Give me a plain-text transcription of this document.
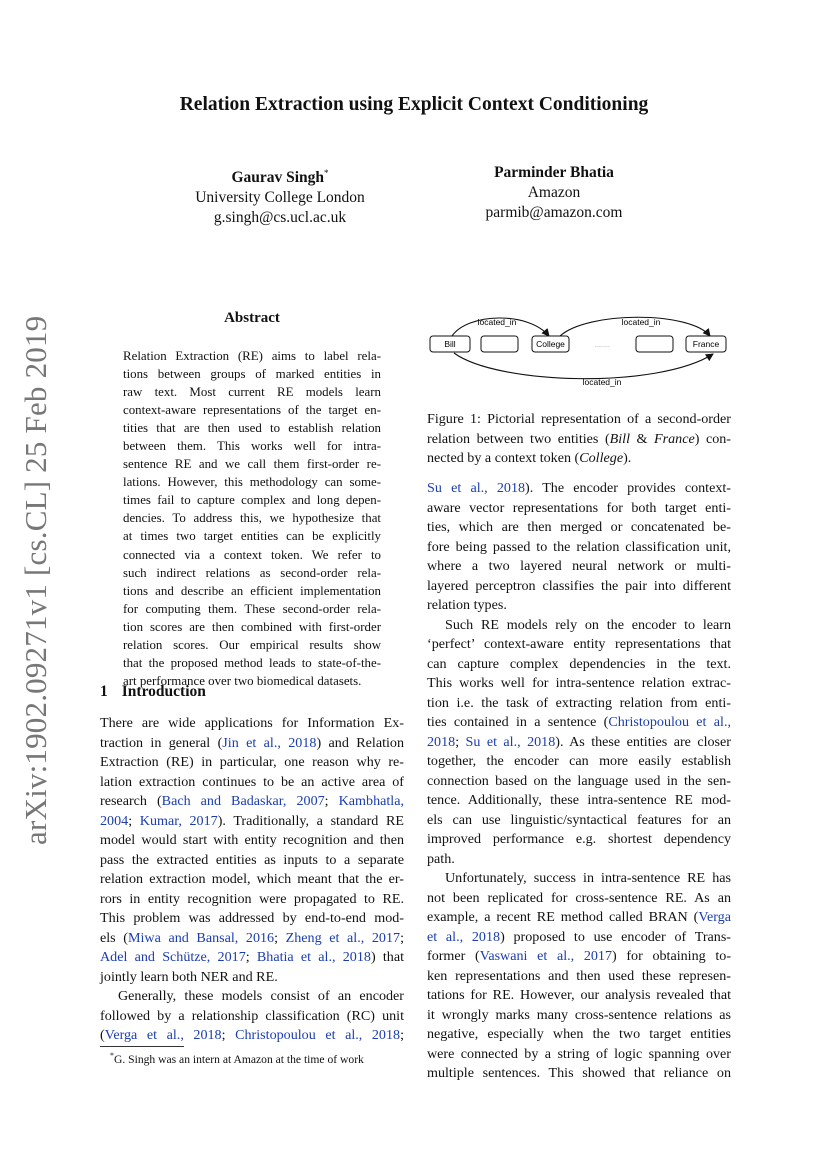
arXiv:1902.09271v1 [cs.CL] 25 Feb 2019
Relation Extraction using Explicit Context Conditioning
Gaurav Singh*
University College London
g.singh@cs.ucl.ac.uk
Parminder Bhatia
Amazon
parmib@amazon.com
Abstract
Relation Extraction (RE) aims to label rela-
tions between groups of marked entities in
raw text. Most current RE models learn
context-aware representations of the target en-
tities that are then used to establish relation
between them. This works well for intra-
sentence RE and we call them first-order re-
lations. However, this methodology can some-
times fail to capture complex and long depen-
dencies. To address this, we hypothesize that
at times two target entities can be explicitly
connected via a context token. We refer to
such indirect relations as second-order rela-
tions and describe an efficient implementation
for computing them. These second-order rela-
tion scores are then combined with first-order
relation scores. Our empirical results show
that the proposed method leads to state-of-the-
art performance over two biomedical datasets.
1 Introduction
There are wide applications for Information Ex-
traction in general (Jin et al., 2018) and Relation
Extraction (RE) in particular, one reason why re-
lation extraction continues to be an active area of
research (Bach and Badaskar, 2007; Kambhatla,
2004; Kumar, 2017). Traditionally, a standard RE
model would start with entity recognition and then
pass the extracted entities as inputs to a separate
relation extraction model, which meant that the er-
rors in entity recognition were propagated to RE.
This problem was addressed by end-to-end mod-
els (Miwa and Bansal, 2016; Zheng et al., 2017;
Adel and Schütze, 2017; Bhatia et al., 2018) that
jointly learn both NER and RE.
Generally, these models consist of an encoder
followed by a relationship classification (RC) unit
(Verga et al., 2018; Christopoulou et al., 2018;
*G. Singh was an intern at Amazon at the time of work
located_in	located_in
located_in
Bill	College	........	France
Figure 1: Pictorial representation of a second-order
relation between two entities (Bill & France) con-
nected by a context token (College).
Su et al., 2018). The encoder provides context-
aware vector representations for both target enti-
ties, which are then merged or concatenated be-
fore being passed to the relation classification unit,
where a two layered neural network or multi-
layered perceptron classifies the pair into different
relation types.
Such RE models rely on the encoder to learn
‘perfect’ context-aware entity representations that
can capture complex dependencies in the text.
This works well for intra-sentence relation extrac-
tion i.e. the task of extracting relation from enti-
ties contained in a sentence (Christopoulou et al.,
2018; Su et al., 2018). As these entities are closer
together, the encoder can more easily establish
connection based on the language used in the sen-
tence. Additionally, these intra-sentence RE mod-
els can use linguistic/syntactical features for an
improved performance e.g. shortest dependency
path.
Unfortunately, success in intra-sentence RE has
not been replicated for cross-sentence RE. As an
example, a recent RE method called BRAN (Verga
et al., 2018) proposed to use encoder of Trans-
former (Vaswani et al., 2017) for obtaining to-
ken representations and then used these represen-
tations for RE. However, our analysis revealed that
it wrongly marks many cross-sentence relations as
negative, especially when the two target entities
were connected by a string of logic spanning over
multiple sentences. This showed that reliance on
